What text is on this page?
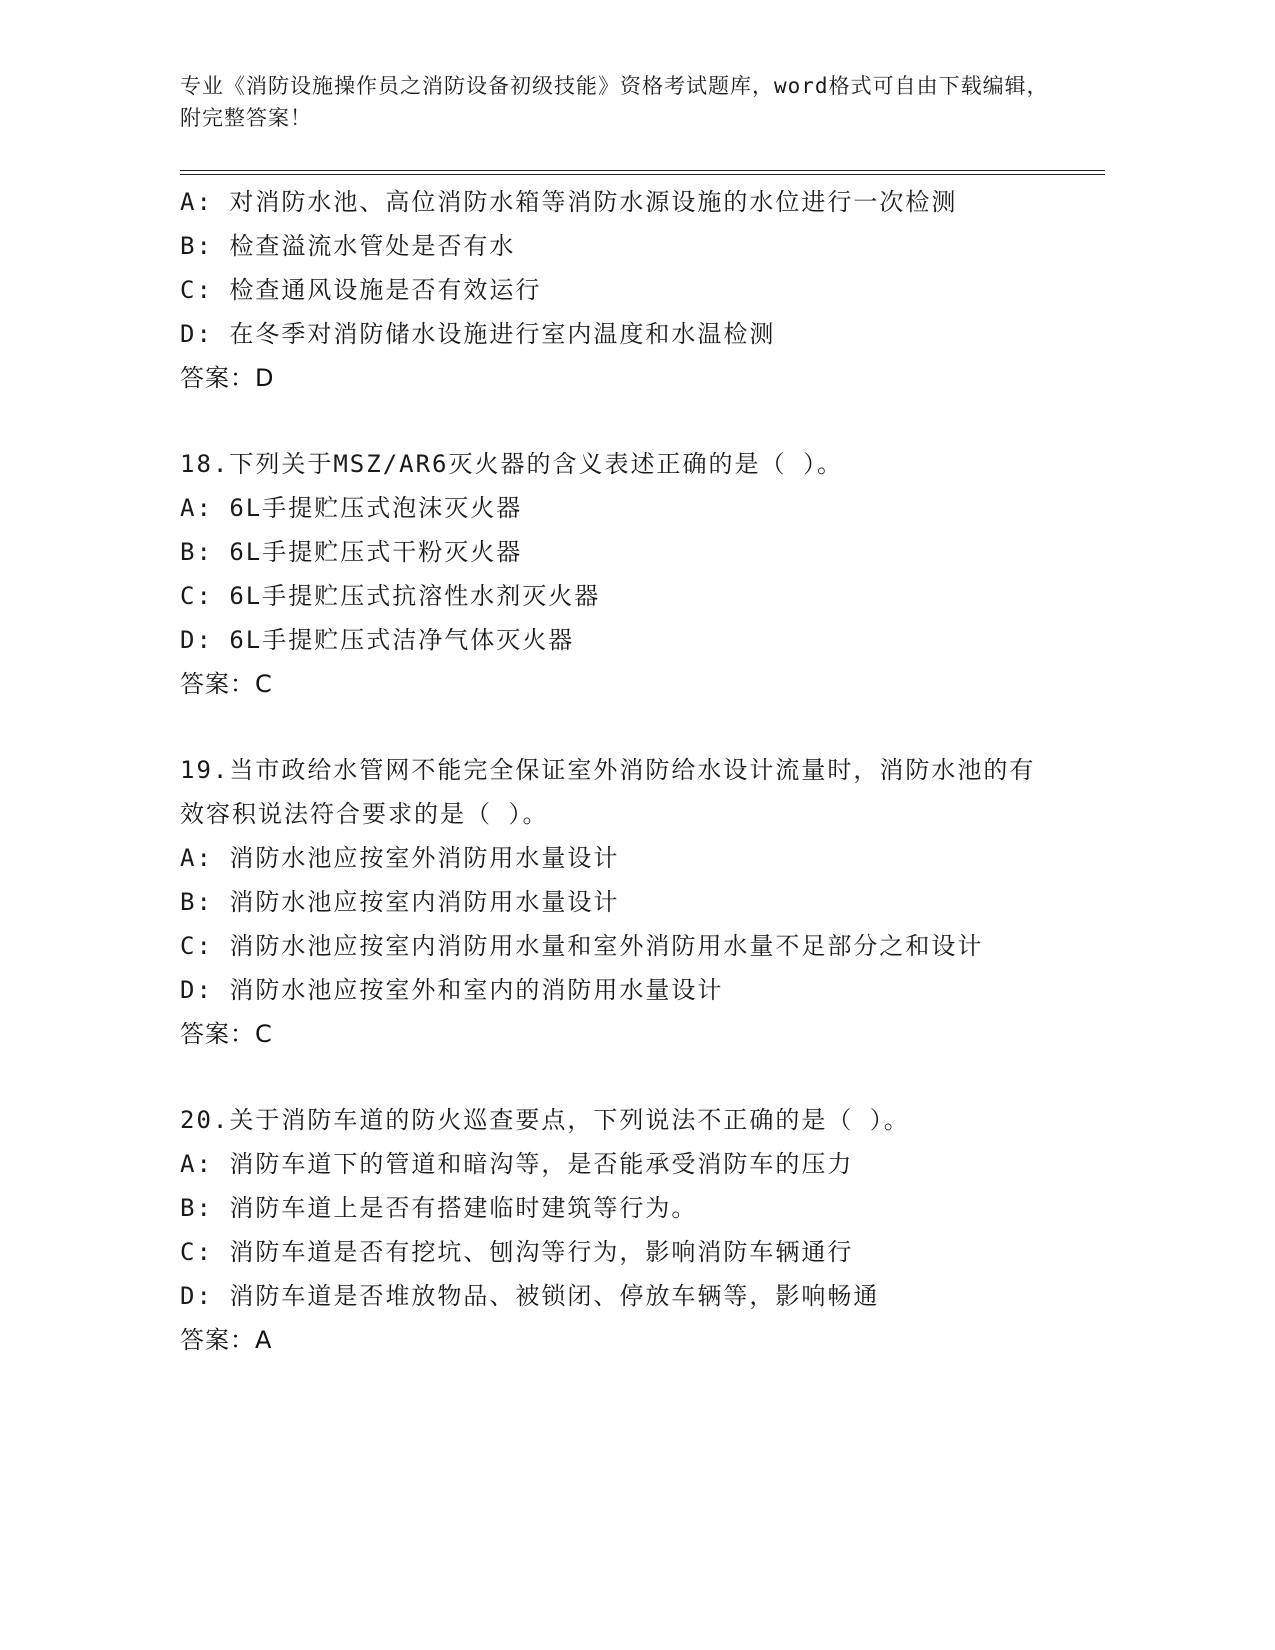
专业《消防设施操作员之消防设备初级技能》资格考试题库，word格式可自由下载编辑，附完整答案！
A: 对消防水池、高位消防水箱等消防水源设施的水位进行一次检测
B: 检查溢流水管处是否有水
C: 检查通风设施是否有效运行
D: 在冬季对消防储水设施进行室内温度和水温检测
答案：D
18.下列关于MSZ/AR6灭火器的含义表述正确的是（ ）。
A: 6L手提贮压式泡沫灭火器
B: 6L手提贮压式干粉灭火器
C: 6L手提贮压式抗溶性水剂灭火器
D: 6L手提贮压式洁净气体灭火器
答案：C
19.当市政给水管网不能完全保证室外消防给水设计流量时，消防水池的有效容积说法符合要求的是（ ）。
A: 消防水池应按室外消防用水量设计
B: 消防水池应按室内消防用水量设计
C: 消防水池应按室内消防用水量和室外消防用水量不足部分之和设计
D: 消防水池应按室外和室内的消防用水量设计
答案：C
20.关于消防车道的防火巡查要点，下列说法不正确的是（ ）。
A: 消防车道下的管道和暗沟等，是否能承受消防车的压力
B: 消防车道上是否有搭建临时建筑等行为。
C: 消防车道是否有挖坑、刨沟等行为，影响消防车辆通行
D: 消防车道是否堆放物品、被锁闭、停放车辆等，影响畅通
答案：A
